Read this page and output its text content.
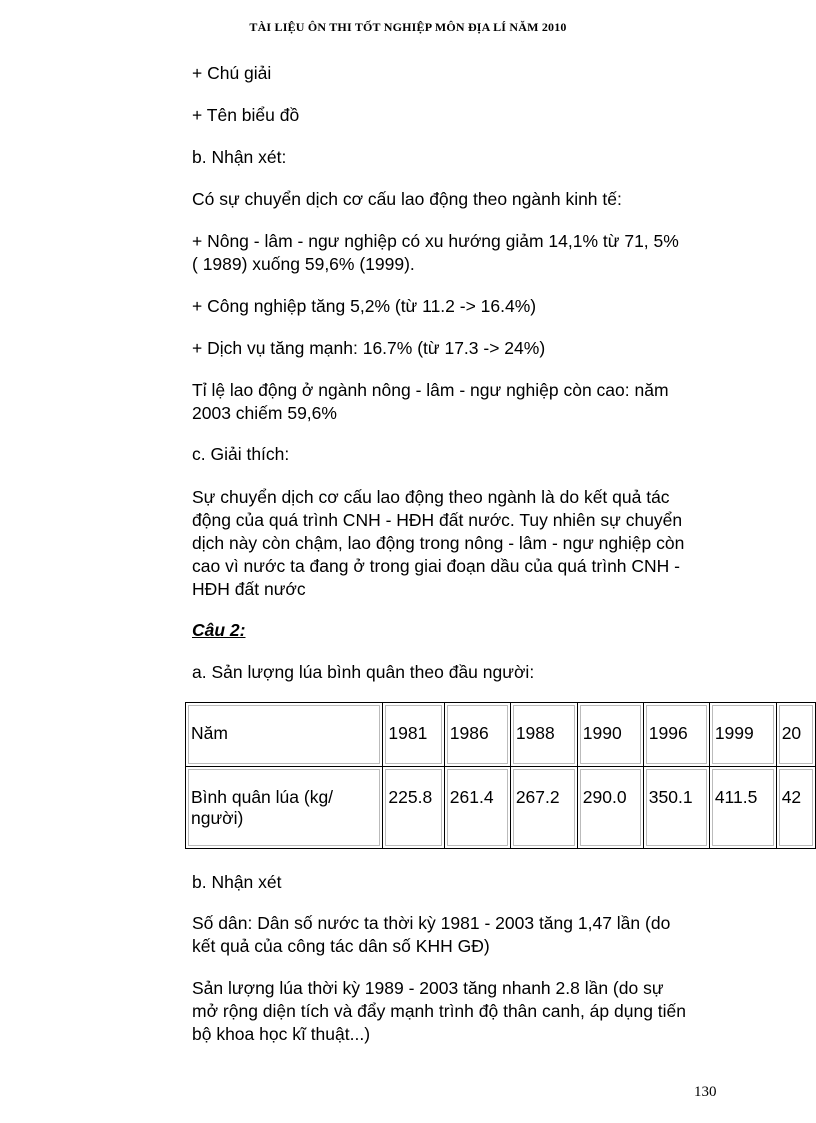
TÀI LIỆU ÔN THI TỐT NGHIỆP MÔN ĐỊA LÍ NĂM 2010

+ Chú giải

+ Tên biểu đồ

b. Nhận xét:

Có sự chuyển dịch cơ cấu lao động theo ngành kinh tế:

+ Nông - lâm - ngư nghiệp có xu hướng giảm 14,1% từ 71, 5%
( 1989) xuống 59,6% (1999).

+ Công nghiệp tăng 5,2% (từ 11.2 -> 16.4%)

+ Dịch vụ tăng mạnh: 16.7% (từ 17.3 -> 24%)

Tỉ lệ lao động ở ngành nông - lâm - ngư nghiệp còn cao: năm
2003 chiếm 59,6%

c. Giải thích:

Sự chuyển dịch cơ cấu lao động theo ngành là do kết quả tác
động của quá trình CNH - HĐH đất nước. Tuy nhiên sự chuyển
dịch này còn chậm, lao động trong nông - lâm - ngư nghiệp còn
cao vì nước ta đang ở trong giai đoạn dầu của quá trình CNH -
HĐH đất nước

Câu 2:

a. Sản lượng lúa bình quân theo đầu người:

Năm	1981	1986	1988	1990	1996	1999	20

Bình quân lúa (kg/
người)	225.8	261.4	267.2	290.0	350.1	411.5	42

b. Nhận xét

Số dân: Dân số nước ta thời kỳ 1981 - 2003 tăng 1,47 lần (do
kết quả của công tác dân số KHH GĐ)
Sản lượng lúa thời kỳ 1989 - 2003 tăng nhanh 2.8 lần (do sự
mở rộng diện tích và đẩy mạnh trình độ thân canh, áp dụng tiến
bộ khoa học kĩ thuật...)
130
